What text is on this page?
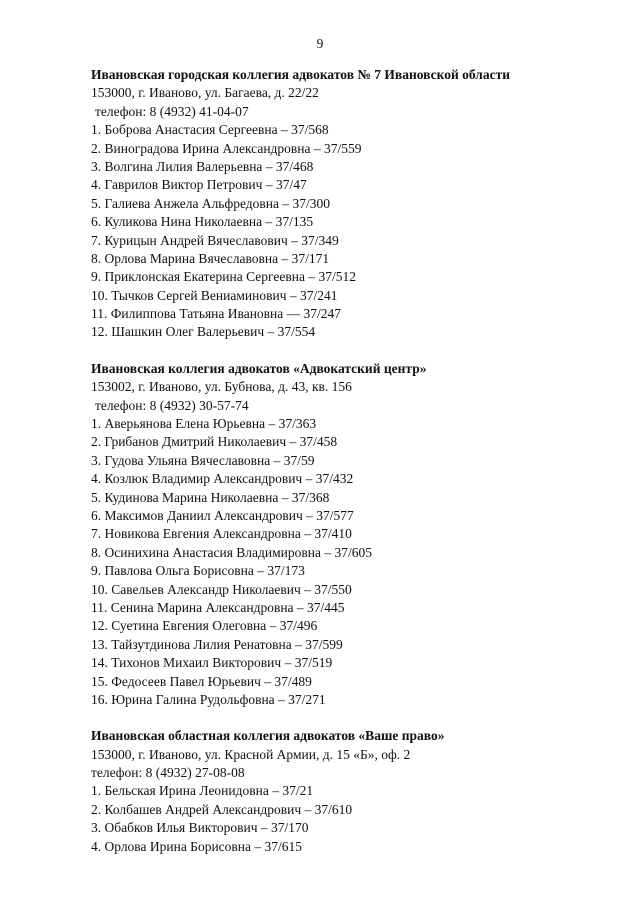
9
Ивановская городская коллегия адвокатов № 7 Ивановской области
153000, г. Иваново, ул. Багаева, д. 22/22
телефон: 8 (4932) 41-04-07
1. Боброва Анастасия Сергеевна – 37/568
2. Виноградова Ирина Александровна – 37/559
3. Волгина Лилия Валерьевна – 37/468
4. Гаврилов Виктор Петрович – 37/47
5. Галиева Анжела Альфредовна – 37/300
6. Куликова Нина Николаевна – 37/135
7. Курицын Андрей Вячеславович – 37/349
8. Орлова Марина Вячеславовна – 37/171
9. Приклонская Екатерина Сергеевна – 37/512
10. Тычков Сергей Вениаминович – 37/241
11. Филиппова Татьяна Ивановна — 37/247
12. Шашкин Олег Валерьевич – 37/554
Ивановская коллегия адвокатов «Адвокатский центр»
153002, г. Иваново, ул. Бубнова, д. 43, кв. 156
телефон: 8 (4932) 30-57-74
1. Аверьянова Елена Юрьевна – 37/363
2. Грибанов Дмитрий Николаевич – 37/458
3. Гудова Ульяна Вячеславовна – 37/59
4. Козлюк Владимир Александрович – 37/432
5. Кудинова Марина Николаевна – 37/368
6. Максимов Даниил Александрович – 37/577
7. Новикова Евгения Александровна – 37/410
8. Осинихина Анастасия Владимировна – 37/605
9. Павлова Ольга Борисовна – 37/173
10. Савельев Александр Николаевич – 37/550
11. Сенина Марина Александровна – 37/445
12. Суетина Евгения Олеговна – 37/496
13. Тайзутдинова Лилия Ренатовна – 37/599
14. Тихонов Михаил Викторович – 37/519
15. Федосеев Павел Юрьевич – 37/489
16. Юрина Галина Рудольфовна – 37/271
Ивановская областная коллегия адвокатов «Ваше право»
153000, г. Иваново, ул. Красной Армии, д. 15 «Б», оф. 2
телефон: 8 (4932) 27-08-08
1. Бельская Ирина Леонидовна – 37/21
2. Колбашев Андрей Александрович – 37/610
3. Обабков Илья Викторович – 37/170
4. Орлова Ирина Борисовна – 37/615
